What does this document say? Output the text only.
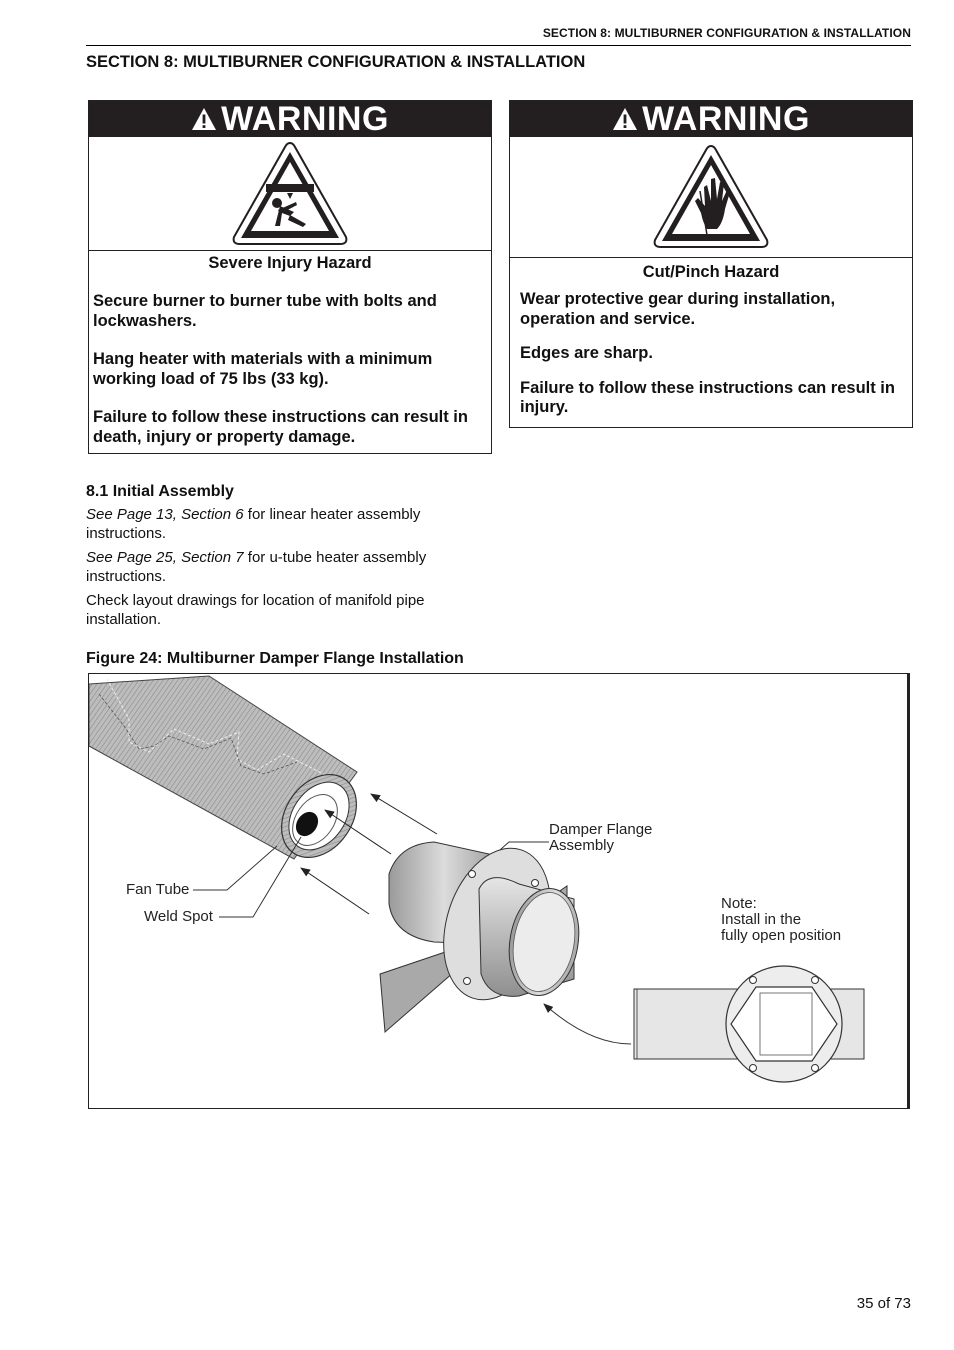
SECTION 8: MULTIBURNER CONFIGURATION & INSTALLATION
SECTION 8: MULTIBURNER CONFIGURATION & INSTALLATION
WARNING
Severe Injury Hazard
Secure burner to burner tube with bolts and lockwashers.
Hang heater with materials with a minimum working load of 75 lbs (33 kg).
Failure to follow these instructions can result in death, injury or property damage.
WARNING
Cut/Pinch Hazard
Wear protective gear during installation, operation and service.
Edges are sharp.
Failure to follow these instructions can result in injury.
8.1 Initial Assembly

See Page 13, Section 6 for linear heater assembly instructions.

See Page 25, Section 7 for u-tube heater assembly instructions.

Check layout drawings for location of manifold pipe installation.

Figure 24: Multiburner Damper Flange Installation
Damper Flange
Assembly
Fan Tube
Weld Spot
Note:
Install in the
fully open position
35 of 73
